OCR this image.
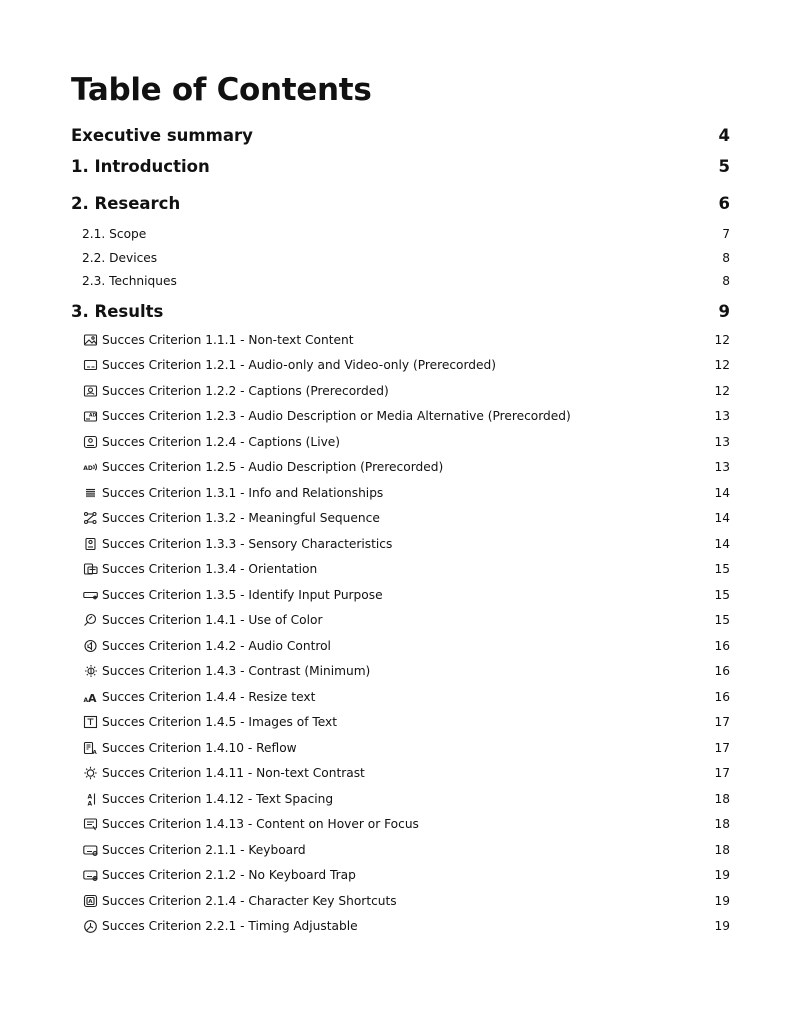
Table of Contents
Executive summary	4
1. Introduction	5
2. Research	6
2.1. Scope	7
2.2. Devices	8
2.3. Techniques	8
3. Results	9
Succes Criterion 1.1.1 - Non-text Content	12
Succes Criterion 1.2.1 - Audio-only and Video-only (Prerecorded)	12
Succes Criterion 1.2.2 - Captions (Prerecorded)	12
AD Succes Criterion 1.2.3 - Audio Description or Media Alternative (Prerecorded)	13
Succes Criterion 1.2.4 - Captions (Live)	13
AD Succes Criterion 1.2.5 - Audio Description (Prerecorded)	13
Succes Criterion 1.3.1 - Info and Relationships	14
Succes Criterion 1.3.2 - Meaningful Sequence	14
Succes Criterion 1.3.3 - Sensory Characteristics	14
Succes Criterion 1.3.4 - Orientation	15
Succes Criterion 1.3.5 - Identify Input Purpose	15
Succes Criterion 1.4.1 - Use of Color	15
Succes Criterion 1.4.2 - Audio Control	16
Succes Criterion 1.4.3 - Contrast (Minimum)	16
A A Succes Criterion 1.4.4 - Resize text	16
Succes Criterion 1.4.5 - Images of Text	17
A Succes Criterion 1.4.10 - Reflow	17
Succes Criterion 1.4.11 - Non-text Contrast	17
A
A Succes Criterion 1.4.12 - Text Spacing	18
Succes Criterion 1.4.13 - Content on Hover or Focus	18
Succes Criterion 2.1.1 - Keyboard	18
Succes Criterion 2.1.2 - No Keyboard Trap	19
A Succes Criterion 2.1.4 - Character Key Shortcuts	19
Succes Criterion 2.2.1 - Timing Adjustable	19
